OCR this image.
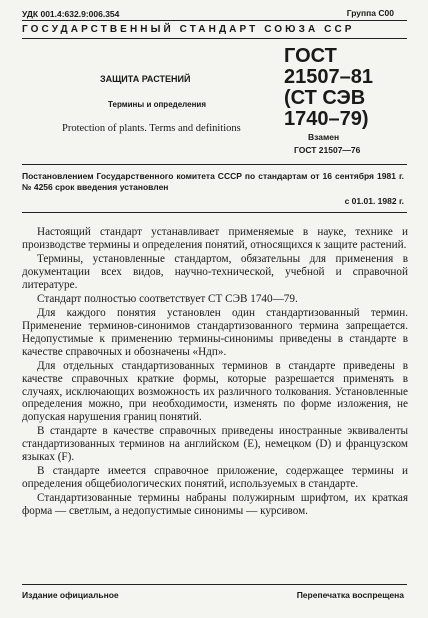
УДК 001.4:632.9:006.354	Группа С00
ГОСУДАРСТВЕННЫЙ СТАНДАРТ СОЮЗА ССР
ЗАЩИТА РАСТЕНИЙ
Термины и определения
Protection of plants. Terms and definitions
ГОСТ
21507–81
(СТ СЭВ
1740–79)
Взамен
ГОСТ 21507—76
Постановлением Государственного комитета СССР по стандартам от 16 сентября 1981 г. № 4256 срок введения установлен
с 01.01. 1982 г.

Настоящий стандарт устанавливает применяемые в науке, технике и производстве термины и определения понятий, относящихся к защите растений.

Термины, установленные стандартом, обязательны для применения в документации всех видов, научно-технической, учебной и справочной литературе.

Стандарт полностью соответствует СТ СЭВ 1740—79.

Для каждого понятия установлен один стандартизованный термин. Применение терминов-синонимов стандартизованного термина запрещается. Недопустимые к применению термины-синонимы приведены в стандарте в качестве справочных и обозначены «Ндп».

Для отдельных стандартизованных терминов в стандарте приведены в качестве справочных краткие формы, которые разрешается применять в случаях, исключающих возможность их различного толкования. Установленные определения можно, при необходимости, изменять по форме изложения, не допуская нарушения границ понятий.

В стандарте в качестве справочных приведены иностранные эквиваленты стандартизованных терминов на английском (Е), немецком (D) и французском языках (F).

В стандарте имеется справочное приложение, содержащее термины и определения общебиологических понятий, используемых в стандарте.

Стандартизованные термины набраны полужирным шрифтом, их краткая форма — светлым, а недопустимые синонимы — курсивом.

Издание официальное	Перепечатка воспрещена
